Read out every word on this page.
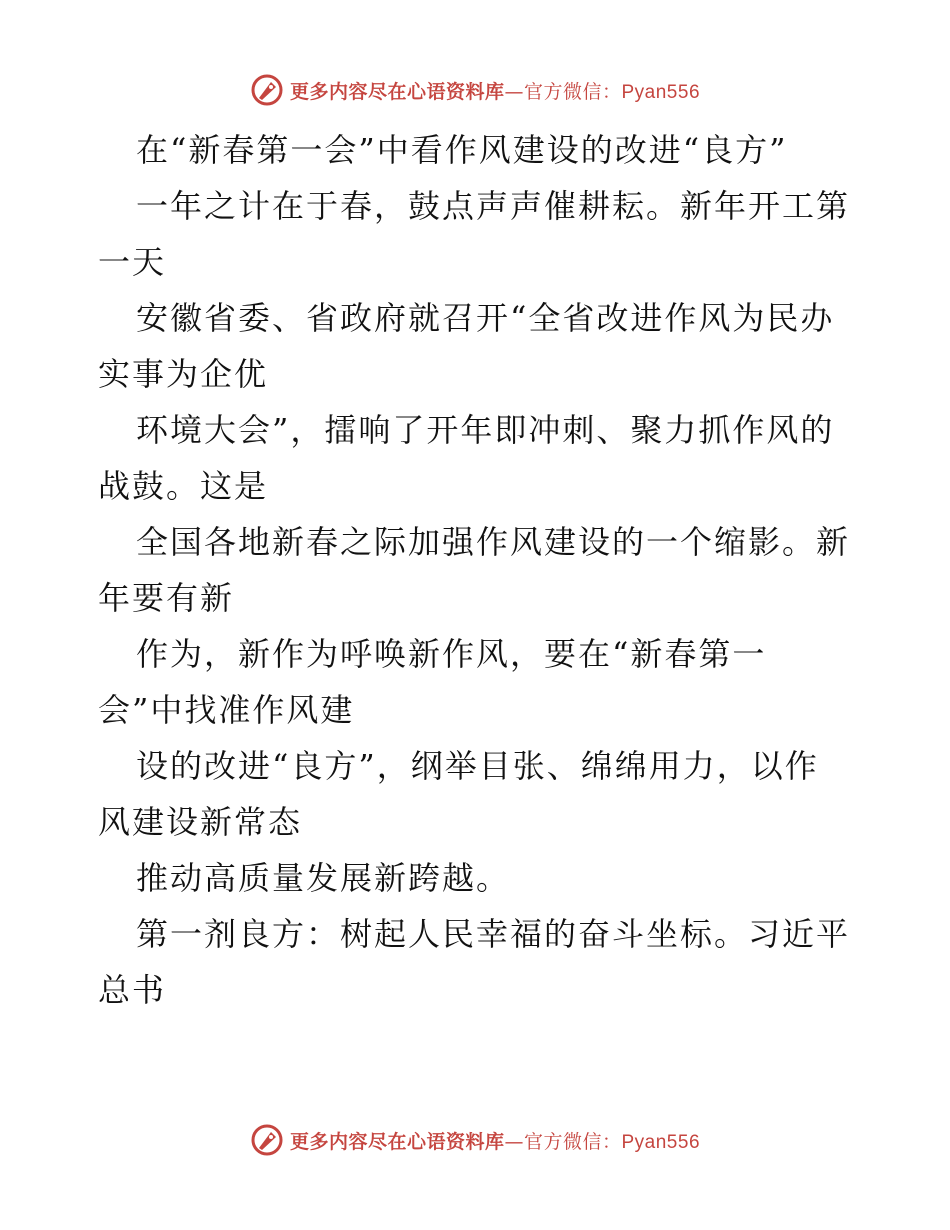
更多内容尽在心语资料库—官方微信：Pyan556
在“新春第一会”中看作风建设的改进“良方”
一年之计在于春，鼓点声声催耕耘。新年开工第
一天
安徽省委、省政府就召开“全省改进作风为民办
实事为企优
环境大会”，擂响了开年即冲刺、聚力抓作风的
战鼓。这是
全国各地新春之际加强作风建设的一个缩影。新
年要有新
作为，新作为呼唤新作风，要在“新春第一
会”中找准作风建
设的改进“良方”，纲举目张、绵绵用力，以作
风建设新常态
推动高质量发展新跨越。
第一剂良方：树起人民幸福的奋斗坐标。习近平
总书
更多内容尽在心语资料库—官方微信：Pyan556
